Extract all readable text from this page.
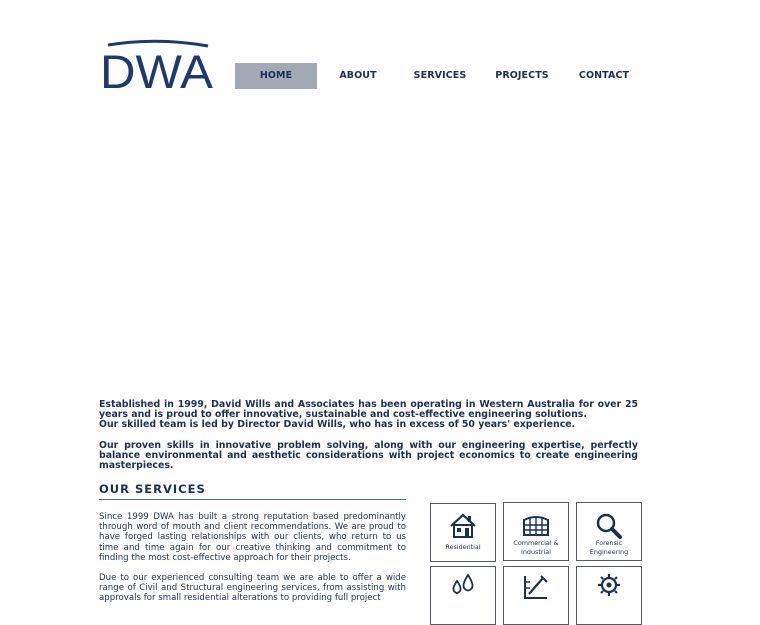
DWA	HOME	ABOUT	SERVICES	PROJECTS	CONTACT

Established in 1999, David Wills and Associates has been operating in Western Australia for over 25 years and is proud to offer innovative, sustainable and cost-effective engineering solutions.

Our skilled team is led by Director David Wills, who has in excess of 50 years' experience.

Our proven skills in innovative problem solving, along with our engineering expertise, perfectly balance environmental and aesthetic considerations with project economics to create engineering masterpieces.

OUR SERVICES

Since 1999 DWA has built a strong reputation based predominantly through word of mouth and client recommendations. We are proud to have forged lasting relationships with our clients, who return to us time and time again for our creative thinking and commitment to finding the most cost-effective approach for their projects.

Due to our experienced consulting team we are able to offer a wide range of Civil and Structural engineering services, from assisting with approvals for small residential alterations to providing full project

Residential	Commercial & Industrial
Forensic Engineering
